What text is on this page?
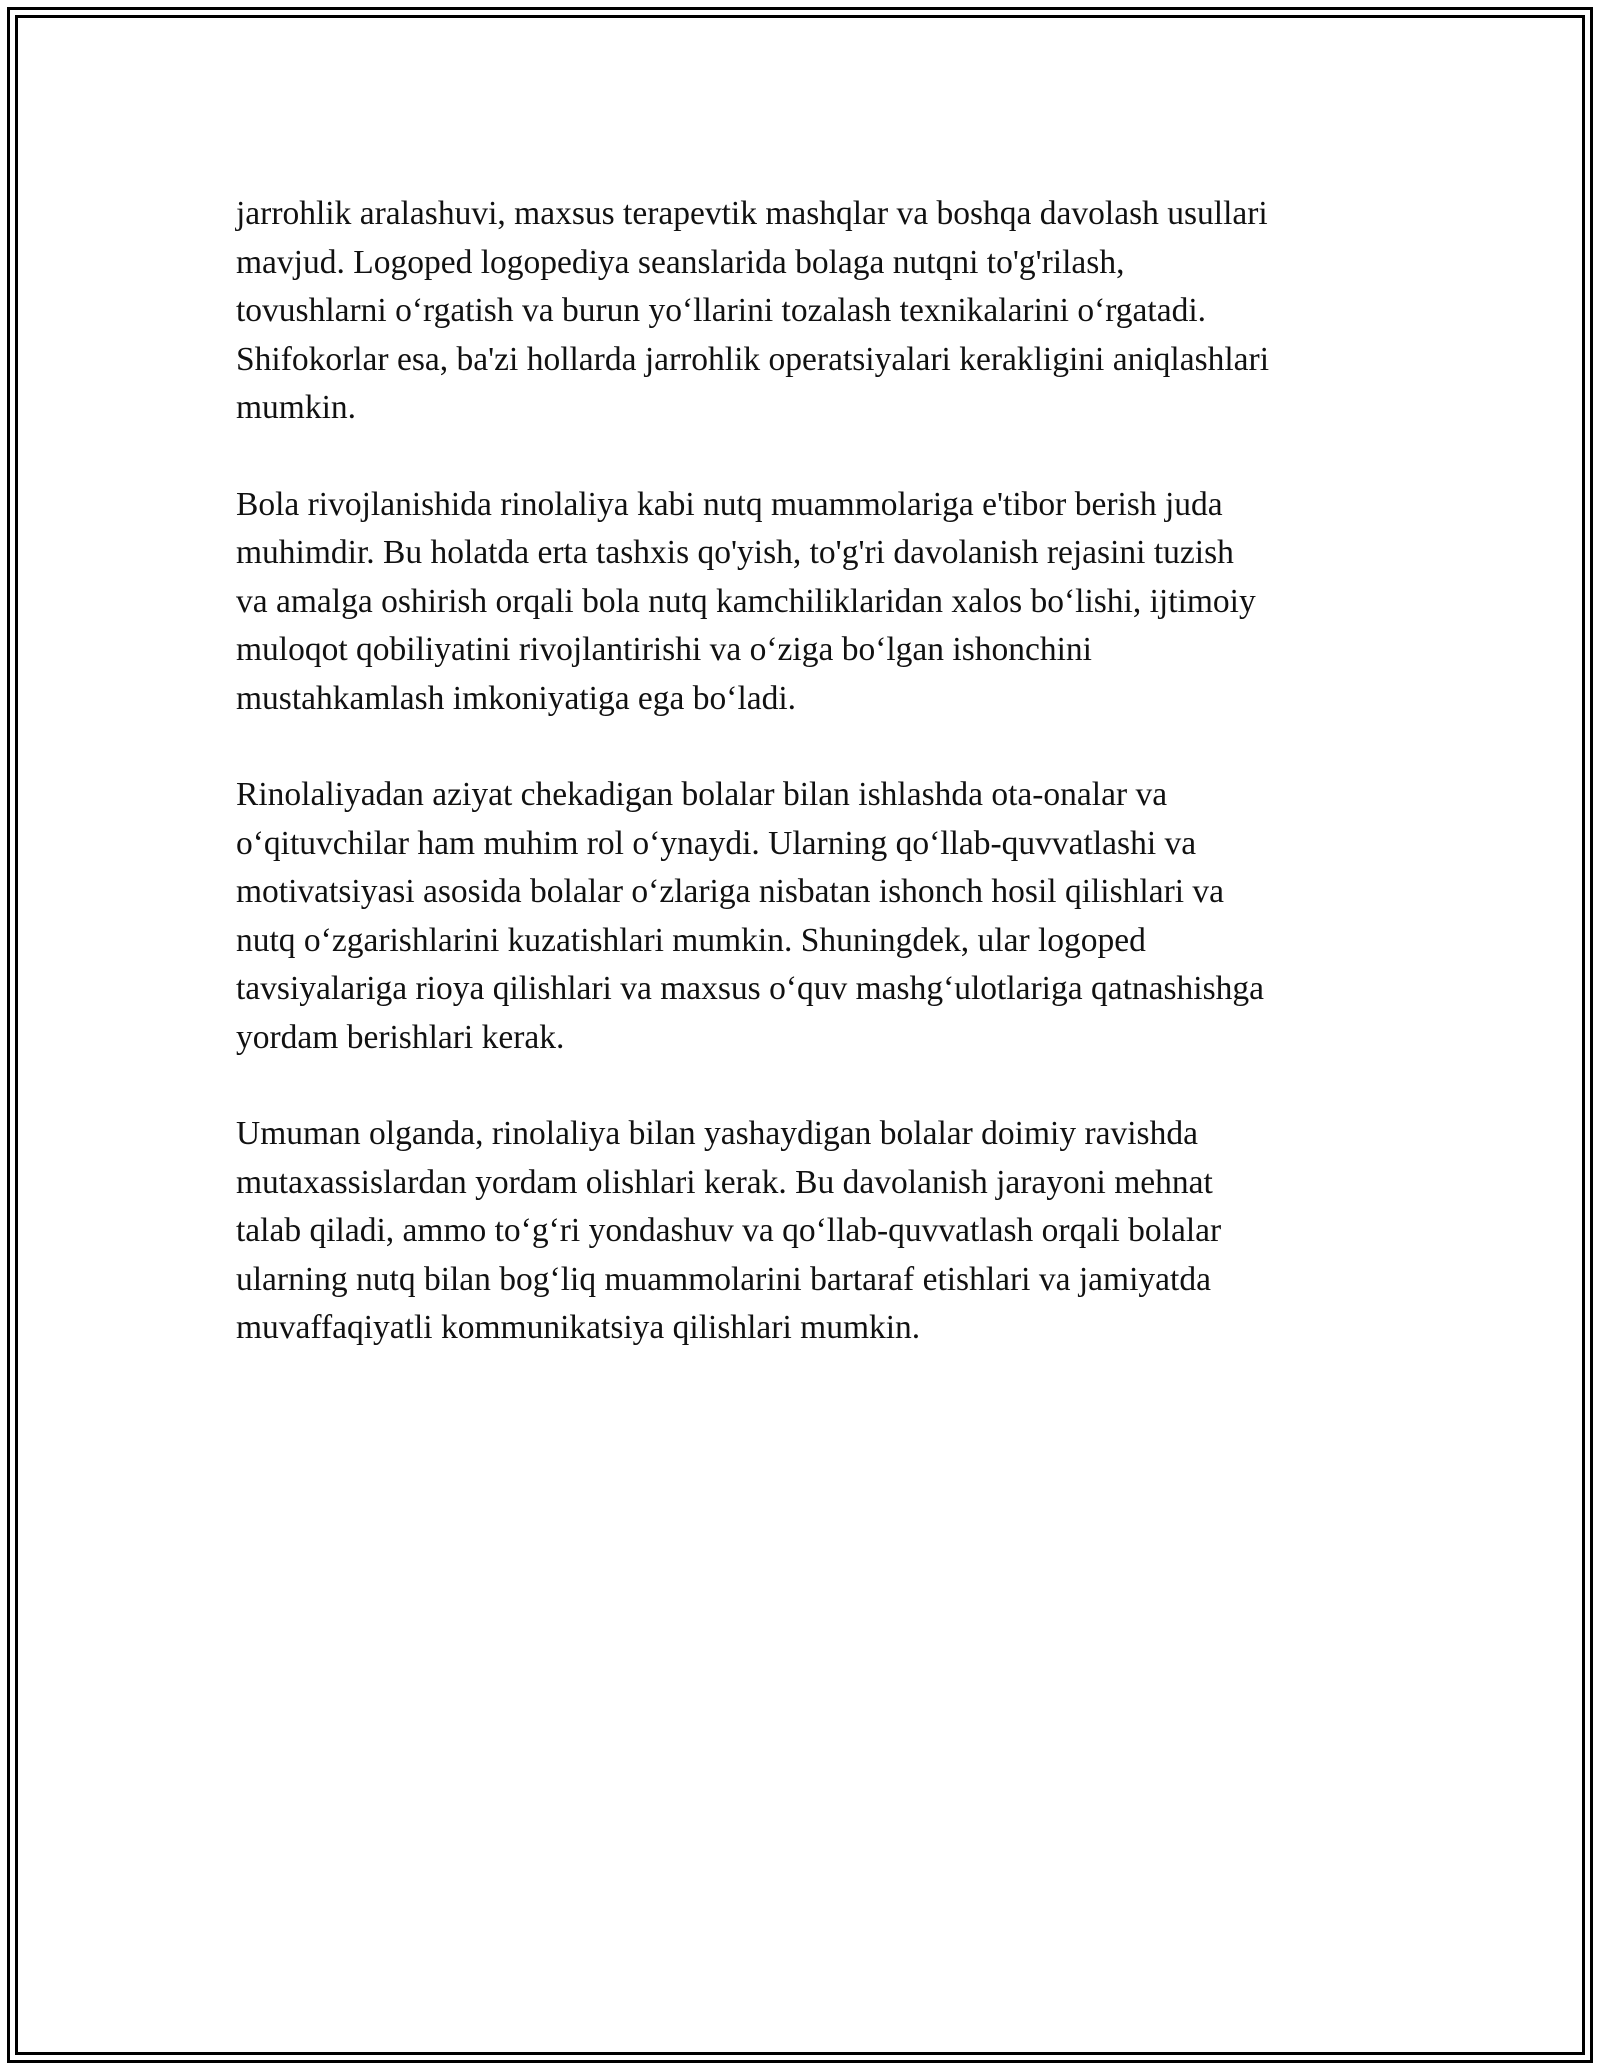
jarrohlik aralashuvi, maxsus terapevtik mashqlar va boshqa davolash usullari
mavjud. Logoped logopediya seanslarida bolaga nutqni to'g'rilash,
tovushlarni o‘rgatish va burun yo‘llarini tozalash texnikalarini o‘rgatadi.
Shifokorlar esa, ba'zi hollarda jarrohlik operatsiyalari kerakligini aniqlashlari
mumkin.

Bola rivojlanishida rinolaliya kabi nutq muammolariga e'tibor berish juda
muhimdir. Bu holatda erta tashxis qo'yish, to'g'ri davolanish rejasini tuzish
va amalga oshirish orqali bola nutq kamchiliklaridan xalos bo‘lishi, ijtimoiy
muloqot qobiliyatini rivojlantirishi va o‘ziga bo‘lgan ishonchini
mustahkamlash imkoniyatiga ega bo‘ladi.

Rinolaliyadan aziyat chekadigan bolalar bilan ishlashda ota-onalar va
o‘qituvchilar ham muhim rol o‘ynaydi. Ularning qo‘llab-quvvatlashi va
motivatsiyasi asosida bolalar o‘zlariga nisbatan ishonch hosil qilishlari va
nutq o‘zgarishlarini kuzatishlari mumkin. Shuningdek, ular logoped
tavsiyalariga rioya qilishlari va maxsus o‘quv mashg‘ulotlariga qatnashishga
yordam berishlari kerak.

Umuman olganda, rinolaliya bilan yashaydigan bolalar doimiy ravishda
mutaxassislardan yordam olishlari kerak. Bu davolanish jarayoni mehnat
talab qiladi, ammo to‘g‘ri yondashuv va qo‘llab-quvvatlash orqali bolalar
ularning nutq bilan bog‘liq muammolarini bartaraf etishlari va jamiyatda
muvaffaqiyatli kommunikatsiya qilishlari mumkin.
